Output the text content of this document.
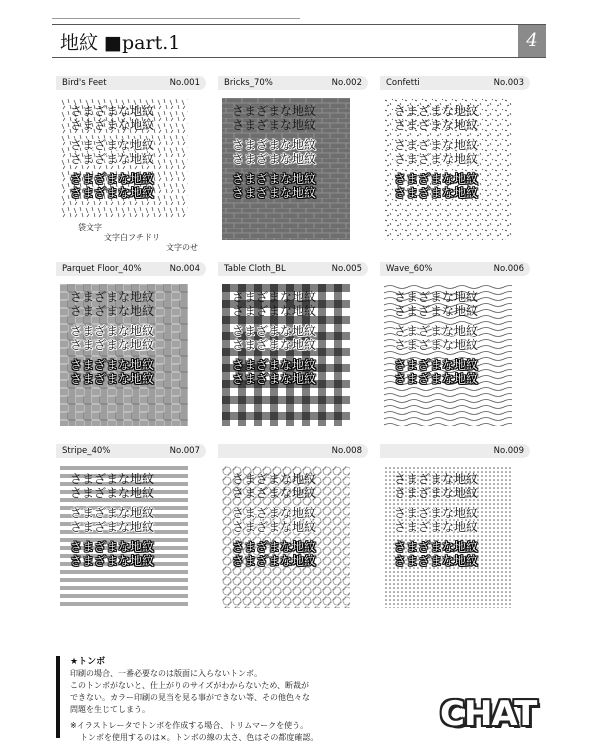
地紋 ■part.1	4
Bird's Feet	No.001
さまざまな地紋
さまざまな地紋
さまざまな地紋
さまざまな地紋
さまざまな地紋
さまざまな地紋
袋文字
文字白フチドリ
文字のせ
Bricks_70%	No.002
さまざまな地紋
さまざまな地紋
さまざまな地紋
さまざまな地紋
さまざまな地紋
さまざまな地紋
Confetti	No.003
さまざまな地紋
さまざまな地紋
さまざまな地紋
さまざまな地紋
さまざまな地紋
さまざまな地紋
Parquet Floor_40%	No.004
さまざまな地紋
さまざまな地紋
さまざまな地紋
さまざまな地紋
さまざまな地紋
さまざまな地紋
Table Cloth_BL	No.005
さまざまな地紋
さまざまな地紋
さまざまな地紋
さまざまな地紋
さまざまな地紋
さまざまな地紋
Wave_60%	No.006
さまざまな地紋
さまざまな地紋
さまざまな地紋
さまざまな地紋
さまざまな地紋
さまざまな地紋
Stripe_40%	No.007
さまざまな地紋
さまざまな地紋
さまざまな地紋
さまざまな地紋
さまざまな地紋
さまざまな地紋
No.008
さまざまな地紋
さまざまな地紋
さまざまな地紋
さまざまな地紋
さまざまな地紋
さまざまな地紋
No.009
さまざまな地紋
さまざまな地紋
さまざまな地紋
さまざまな地紋
さまざまな地紋
さまざまな地紋
★トンボ
印刷の場合、一番必要なのは版面に入らないトンボ。
このトンボがないと、仕上がりのサイズがわからないため、断裁が
できない。カラー印刷の見当を見る事ができない等、その他色々な
問題を生じてしまう。
※イラストレータでトンボを作成する場合、トリムマークを使う。
トンボを使用するのは×。トンボの線の太さ、色はその都度確認。
CHAT
